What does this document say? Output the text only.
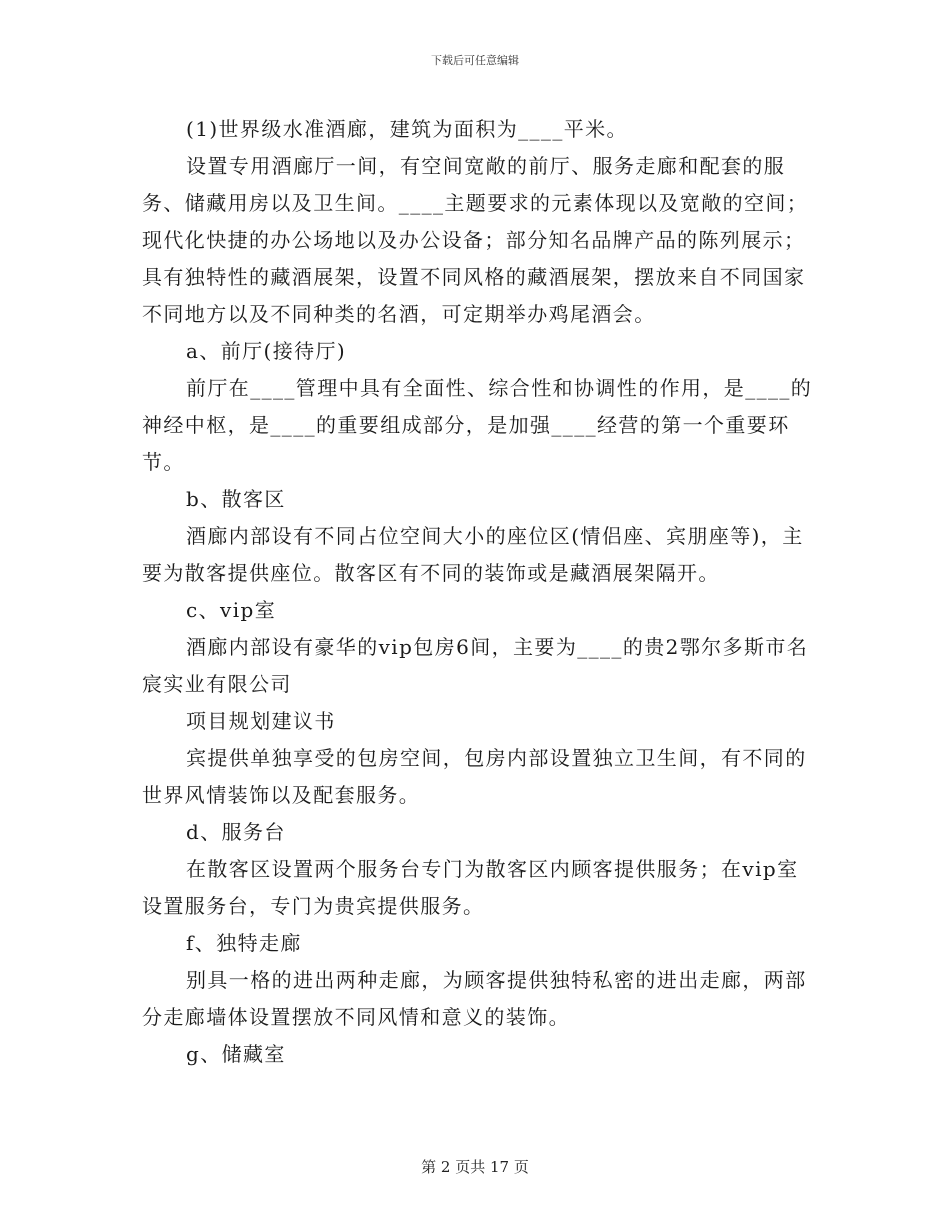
下载后可任意编辑

(1)世界级水准酒廊，建筑为面积为____平米。

设置专用酒廊厅一间，有空间宽敞的前厅、服务走廊和配套的服务、储藏用房以及卫生间。____主题要求的元素体现以及宽敞的空间；现代化快捷的办公场地以及办公设备；部分知名品牌产品的陈列展示；具有独特性的藏酒展架，设置不同风格的藏酒展架，摆放来自不同国家不同地方以及不同种类的名酒，可定期举办鸡尾酒会。

a、前厅(接待厅)

前厅在____管理中具有全面性、综合性和协调性的作用，是____的神经中枢，是____的重要组成部分，是加强____经营的第一个重要环节。

b、散客区

酒廊内部设有不同占位空间大小的座位区(情侣座、宾朋座等)，主要为散客提供座位。散客区有不同的装饰或是藏酒展架隔开。

c、vip室

酒廊内部设有豪华的vip包房6间，主要为____的贵2鄂尔多斯市名宸实业有限公司

项目规划建议书

宾提供单独享受的包房空间，包房内部设置独立卫生间，有不同的世界风情装饰以及配套服务。

d、服务台

在散客区设置两个服务台专门为散客区内顾客提供服务；在vip室设置服务台，专门为贵宾提供服务。

f、独特走廊

别具一格的进出两种走廊，为顾客提供独特私密的进出走廊，两部分走廊墙体设置摆放不同风情和意义的装饰。

g、储藏室

第 2 页共 17 页
